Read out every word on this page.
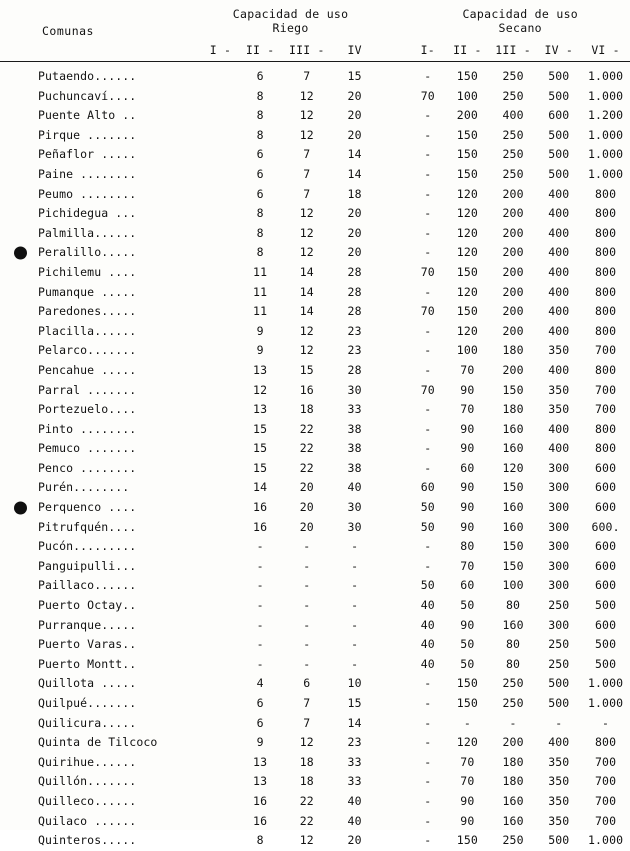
Comunas	Capacidad de uso
Riego					Capacidad de uso
Secano				

	I -	II -	III -	IV		I-	II -	1II -	IV -	VI -

Putaendo......		6	7	15		-	150	250	500	1.000
Puchuncaví....		8	12	20		70	100	250	500	1.000
Puente Alto ..		8	12	20		-	200	400	600	1.200
Pirque .......		8	12	20		-	150	250	500	1.000
Peñaflor .....		6	7	14		-	150	250	500	1.000
Paine ........		6	7	14		-	150	250	500	1.000
Peumo ........		6	7	18		-	120	200	400	800
Pichidegua ...		8	12	20		-	120	200	400	800
Palmilla......		8	12	20		-	120	200	400	800
Peralillo.....		8	12	20		-	120	200	400	800
Pichilemu ....		11	14	28		70	150	200	400	800
Pumanque .....		11	14	28		-	120	200	400	800
Paredones.....		11	14	28		70	150	200	400	800
Placilla......		9	12	23		-	120	200	400	800
Pelarco.......		9	12	23		-	100	180	350	700
Pencahue .....		13	15	28		-	70	200	400	800
Parral .......		12	16	30		70	90	150	350	700
Portezuelo....		13	18	33		-	70	180	350	700
Pinto ........		15	22	38		-	90	160	400	800
Pemuco .......		15	22	38		-	90	160	400	800
Penco ........		15	22	38		-	60	120	300	600
Purén........		14	20	40		60	90	150	300	600
Perquenco ....		16	20	30		50	90	160	300	600
Pitrufquén....		16	20	30		50	90	160	300	600.
Pucón.........		-	-	-		-	80	150	300	600
Panguipulli...		-	-	-		-	70	150	300	600
Paillaco......		-	-	-		50	60	100	300	600
Puerto Octay..		-	-	-		40	50	80	250	500
Purranque.....		-	-	-		40	90	160	300	600
Puerto Varas..		-	-	-		40	50	80	250	500
Puerto Montt..		-	-	-		40	50	80	250	500
Quillota .....		4	6	10		-	150	250	500	1.000
Quilpué.......		6	7	15		-	150	250	500	1.000
Quilicura.....		6	7	14		-	-	-	-	-
Quinta de Tilcoco		9	12	23		-	120	200	400	800
Quirihue......		13	18	33		-	70	180	350	700
Quillón.......		13	18	33		-	70	180	350	700
Quilleco......		16	22	40		-	90	160	350	700
Quilaco ......		16	22	40		-	90	160	350	700
Quinteros.....		8	12	20		-	150	250	500	1.000
